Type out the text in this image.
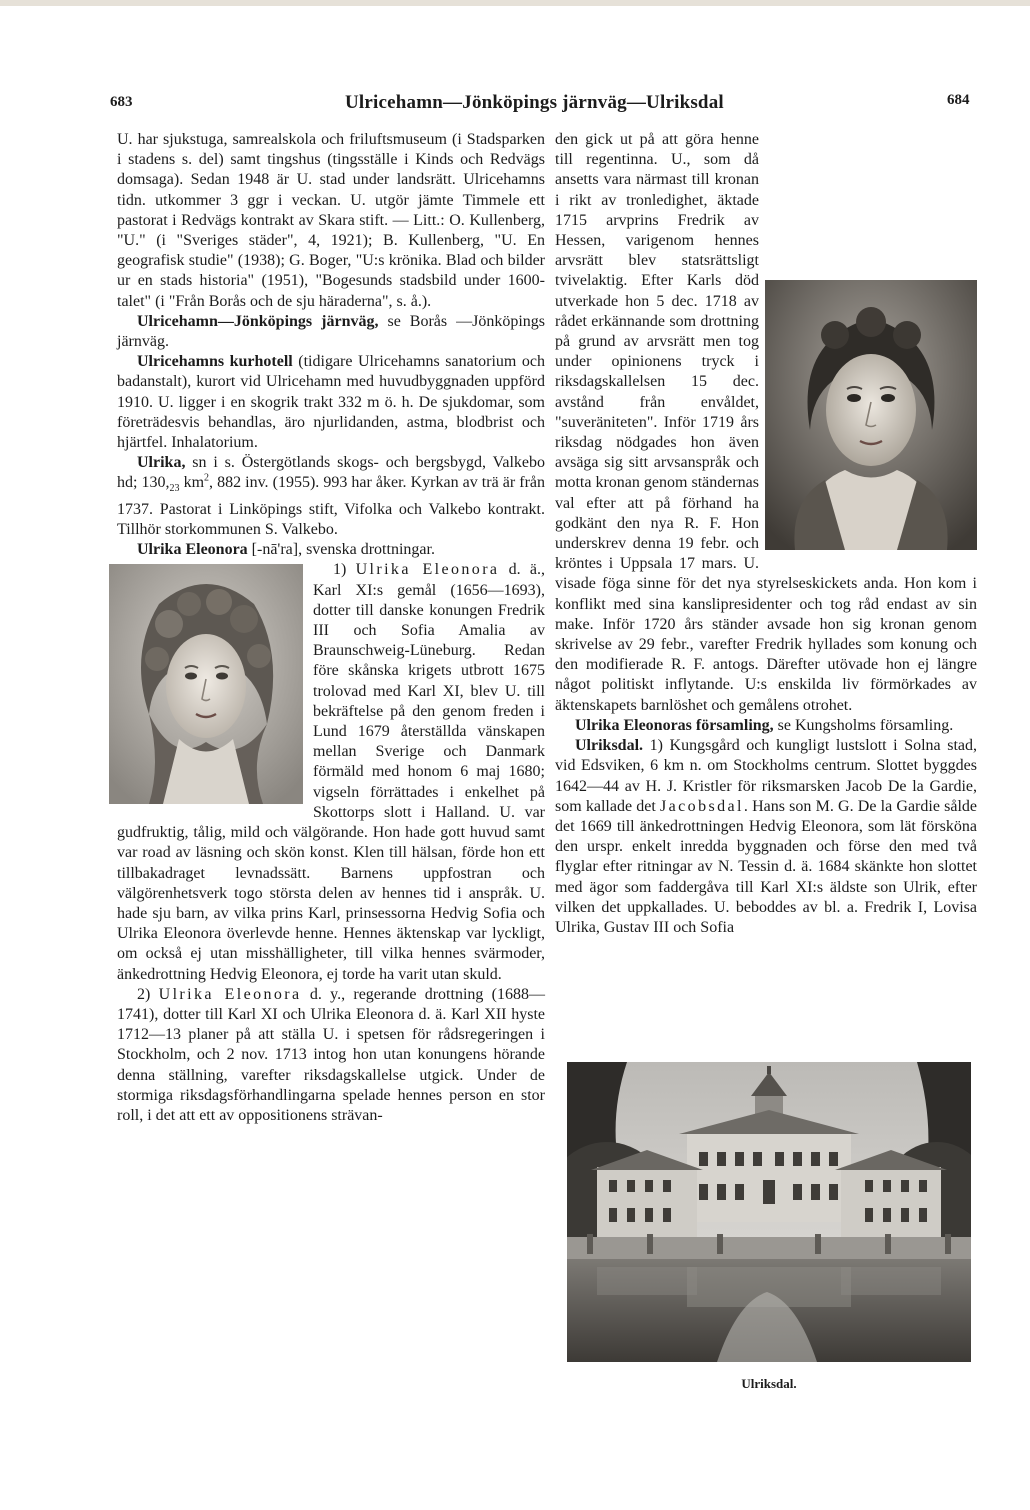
683	Ulricehamn—Jönköpings järnväg—Ulriksdal	684

U. har sjukstuga, samrealskola och friluftsmuseum (i Stadsparken i stadens s. del) samt tingshus (tingsställe i Kinds och Redvägs domsaga). Sedan 1948 är U. stad under landsrätt. Ulricehamns tidn. utkommer 3 ggr i veckan. U. utgör jämte Timmele ett pastorat i Redvägs kontrakt av Skara stift. — Litt.: O. Kullenberg, "U." (i "Sveriges städer", 4, 1921); B. Kullenberg, "U. En geografisk studie" (1938); G. Boger, "U:s krönika. Blad och bilder ur en stads historia" (1951), "Bogesunds stadsbild under 1600-talet" (i "Från Borås och de sju häraderna", s. å.).

Ulricehamn—Jönköpings järnväg, se Borås —Jönköpings järnväg.

Ulricehamns kurhotell (tidigare Ulricehamns sanatorium och badanstalt), kurort vid Ulricehamn med huvudbyggnaden uppförd 1910. U. ligger i en skogrik trakt 332 m ö. h. De sjukdomar, som företrädesvis behandlas, äro njurlidanden, astma, blodbrist och hjärtfel. Inhalatorium.

Ulrika, sn i s. Östergötlands skogs- och bergsbygd, Valkebo hd; $130,_{23}$ $km^2$, 882 inv. (1955). 993 har åker. Kyrkan av trä är från 1737. Pastorat i Linköpings stift, Vifolka och Valkebo kontrakt. Tillhör storkommunen S. Valkebo.

Ulrika Eleonora [-nā'ra], svenska drottningar.

1) Ulrika Eleonora d. ä., Karl XI:s gemål (1656—1693), dotter till danske konungen Fredrik III och Sofia Amalia av Braunschweig-Lüneburg. Redan före skånska krigets utbrott 1675 trolovad med Karl XI, blev U. till bekräftelse på den genom freden i Lund 1679 återställda vänskapen mellan Sverige och Danmark förmäld med honom 6 maj 1680; vigseln förrättades i enkelhet på Skottorps slott i Halland. U. var gudfruktig, tålig, mild och välgörande. Hon hade gott huvud samt var road av läsning och skön konst. Klen till hälsan, förde hon ett tillbakadraget levnadssätt. Barnens uppfostran och välgörenhetsverk togo största delen av hennes tid i anspråk. U. hade sju barn, av vilka prins Karl, prinsessorna Hedvig Sofia och Ulrika Eleonora överlevde henne. Hennes äktenskap var lyckligt, om också ej utan misshälligheter, till vilka hennes svärmoder, änkedrottning Hedvig Eleonora, ej torde ha varit utan skuld.

2) Ulrika Eleonora d. y., regerande drottning (1688—1741), dotter till Karl XI och Ulrika Eleonora d. ä. Karl XII hyste 1712—13 planer på att ställa U. i spetsen för rådsregeringen i Stockholm, och 2 nov. 1713 intog hon utan konungens hörande denna ställning, varefter riksdagskallelse utgick. Under de stormiga riksdagsförhandlingarna spelade hennes person en stor roll, i det att ett av oppositionens strävan-

den gick ut på att göra henne till regentinna. U., som då ansetts vara närmast till kronan i rikt av tronledighet, äktade 1715 arvprins Fredrik av Hessen, varigenom hennes arvsrätt blev statsrättsligt tvivelaktig. Efter Karls död utverkade hon 5 dec. 1718 av rådet erkännande som drottning på grund av arvsrätt men tog under opinionens tryck i riksdagskallelsen 15 dec. avstånd från envåldet, "suveräniteten". Inför 1719 års riksdag nödgades hon även avsäga sig sitt arvsanspråk och motta kronan genom ständernas val efter att på förhand ha godkänt den nya R. F. Hon underskrev denna 19 febr. och kröntes i Uppsala 17 mars. U. visade föga sinne för det nya styrelseskickets anda. Hon kom i konflikt med sina kanslipresidenter och tog råd endast av sin make. Inför 1720 års ständer avsade hon sig kronan genom skrivelse av 29 febr., varefter Fredrik hyllades som konung och den modifierade R. F. antogs. Därefter utövade hon ej längre något politiskt inflytande. U:s enskilda liv förmörkades av äktenskapets barnlöshet och gemålens otrohet.

Ulrika Eleonoras församling, se Kungsholms församling.

Ulriksdal. 1) Kungsgård och kungligt lustslott i Solna stad, vid Edsviken, 6 km n. om Stockholms centrum. Slottet byggdes 1642—44 av H. J. Kristler för riksmarsken Jacob De la Gardie, som kallade det Jacobsdal. Hans son M. G. De la Gardie sålde det 1669 till änkedrottningen Hedvig Eleonora, som lät försköna den urspr. enkelt inredda byggnaden och förse den med två flyglar efter ritningar av N. Tessin d. ä. 1684 skänkte hon slottet med ägor som faddergåva till Karl XI:s äldste son Ulrik, efter vilken det uppkallades. U. beboddes av bl. a. Fredrik I, Lovisa Ulrika, Gustav III och Sofia

Ulriksdal.
